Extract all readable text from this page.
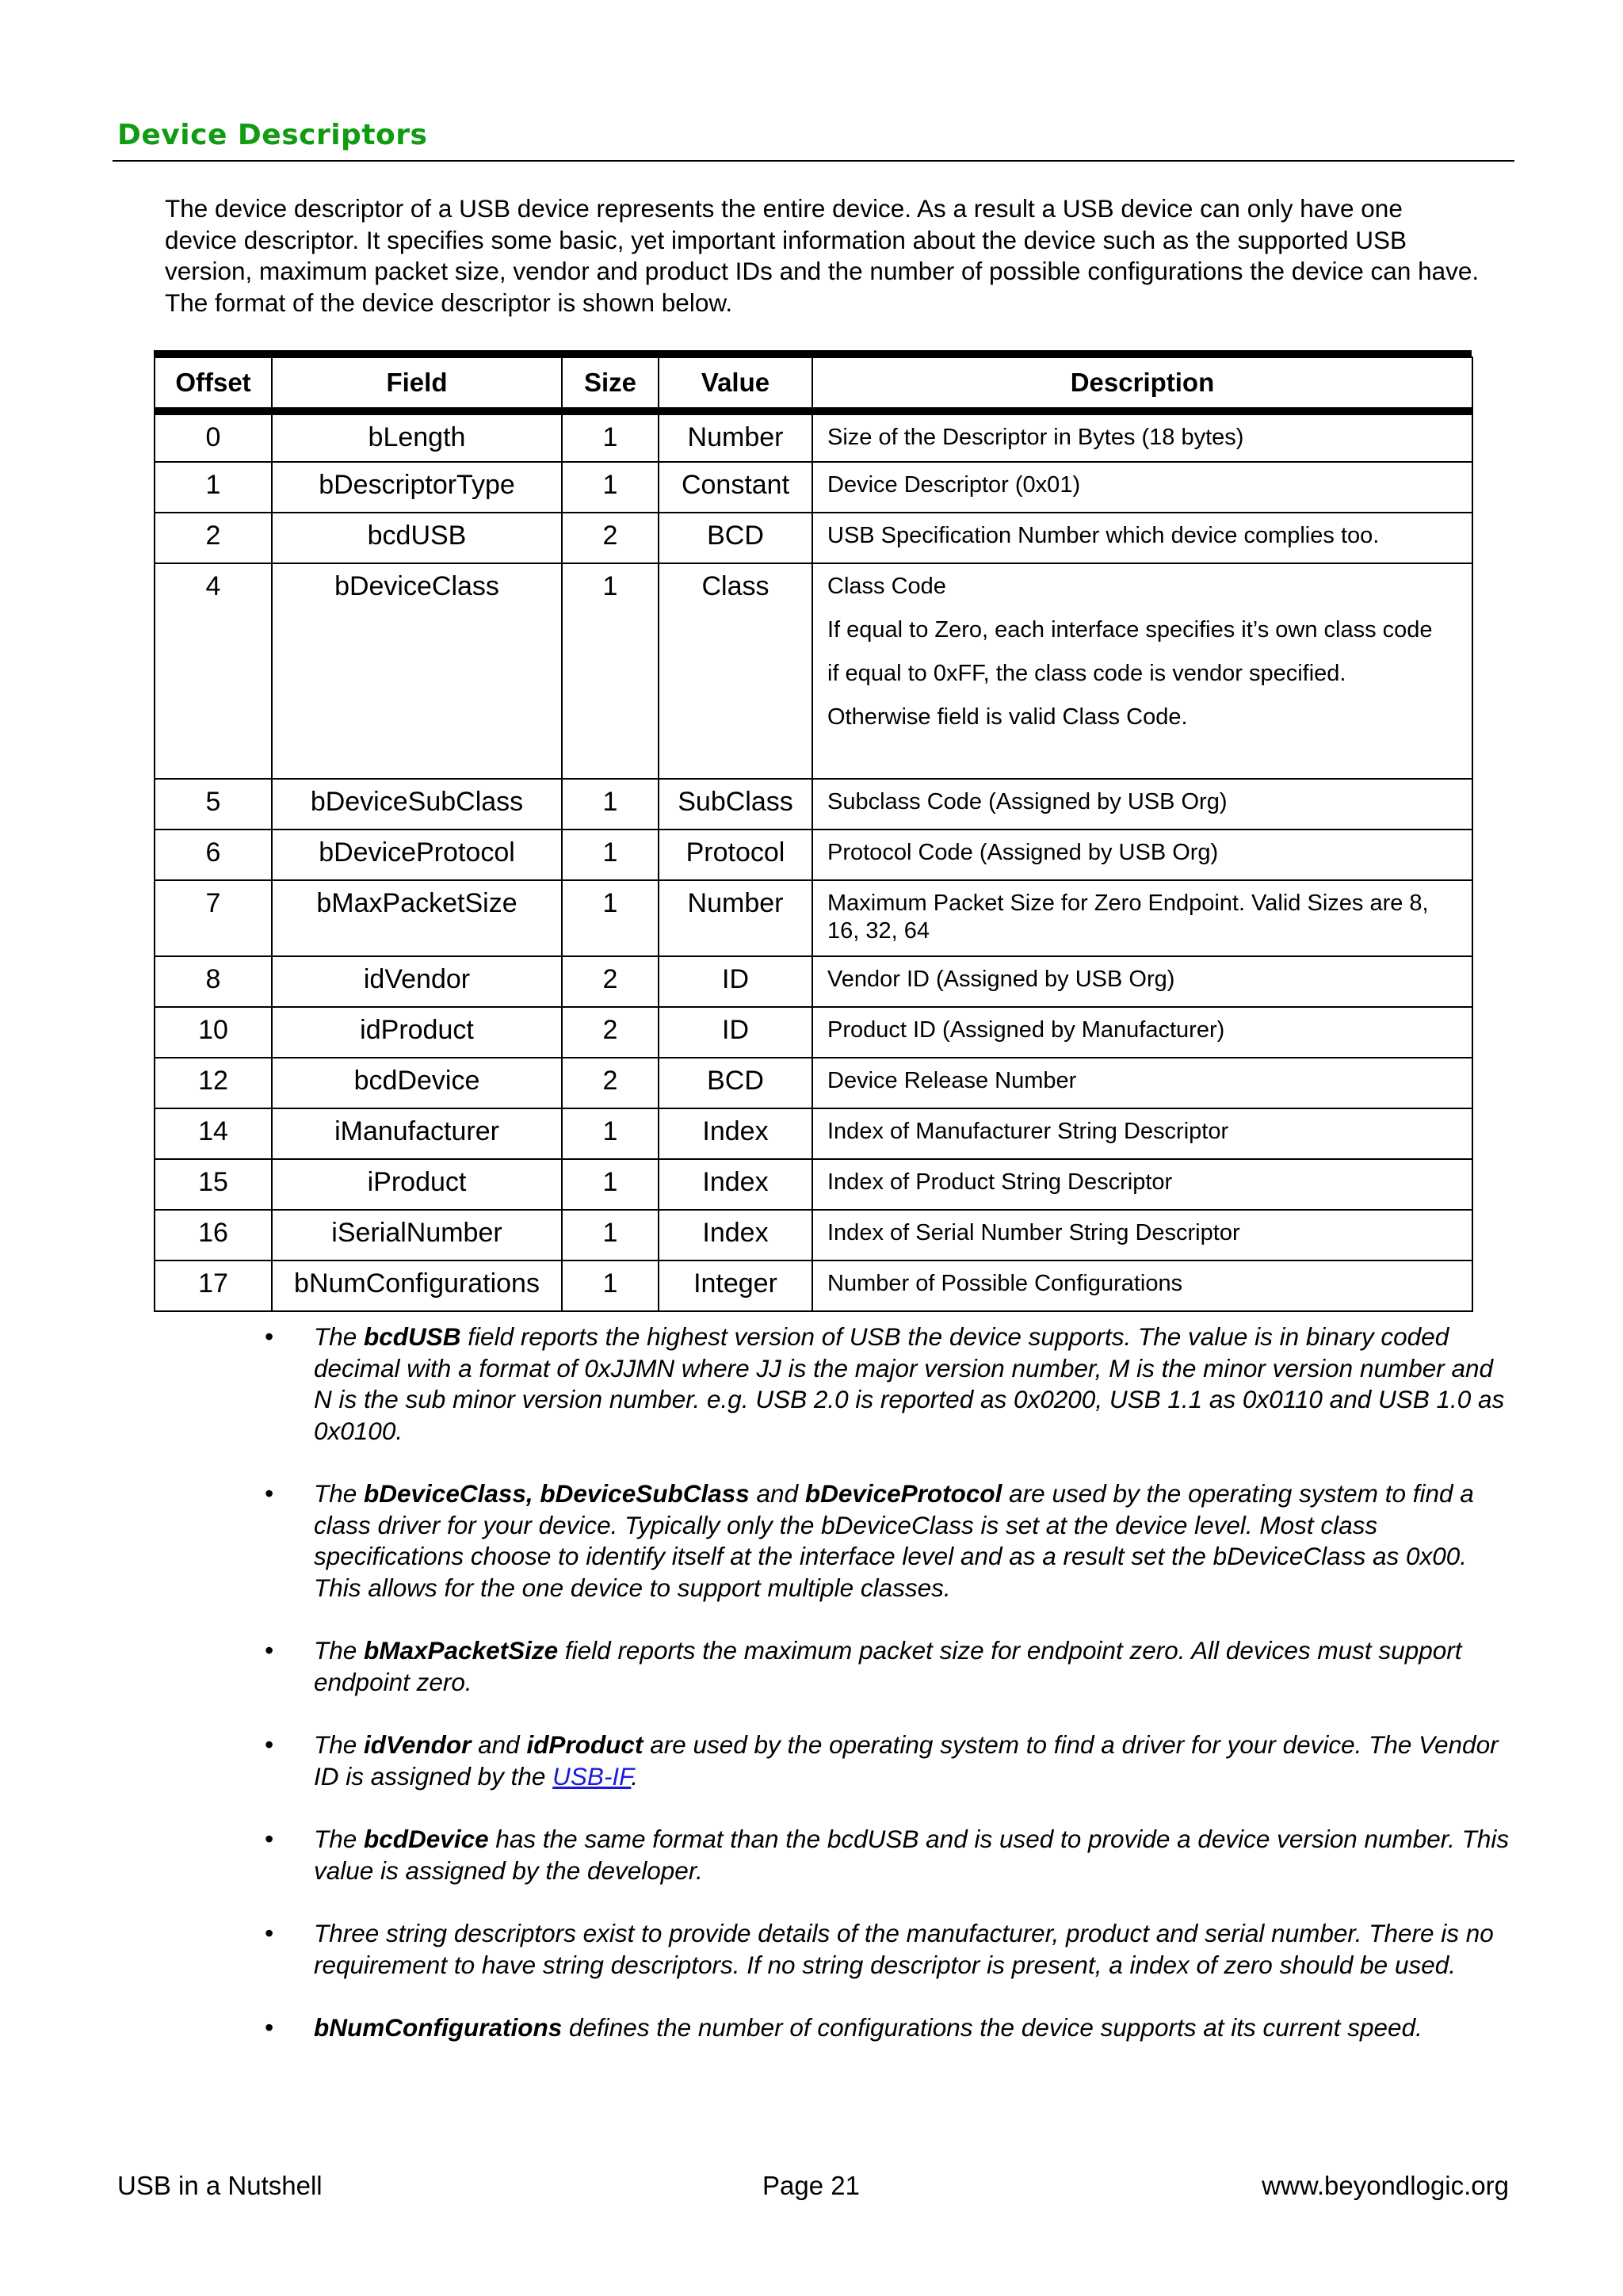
Device Descriptors

The device descriptor of a USB device represents the entire device. As a result a USB device can only have one device descriptor. It specifies some basic, yet important information about the device such as the supported USB version, maximum packet size, vendor and product IDs and the number of possible configurations the device can have. The format of the device descriptor is shown below.

Offset	Field	Size	Value	Description
0	bLength	1	Number	Size of the Descriptor in Bytes (18 bytes)

1	bDescriptorType	1	Constant	Device Descriptor (0x01)

2	bcdUSB	2	BCD	USB Specification Number which device complies too.

4	bDeviceClass	1	Class	Class Code

If equal to Zero, each interface specifies it’s own class code

if equal to 0xFF, the class code is vendor specified.

Otherwise field is valid Class Code.

5	bDeviceSubClass	1	SubClass	Subclass Code (Assigned by USB Org)

6	bDeviceProtocol	1	Protocol	Protocol Code (Assigned by USB Org)

7	bMaxPacketSize	1	Number	Maximum Packet Size for Zero Endpoint. Valid Sizes are 8, 16, 32, 64

8	idVendor	2	ID	Vendor ID (Assigned by USB Org)

10	idProduct	2	ID	Product ID (Assigned by Manufacturer)

12	bcdDevice	2	BCD	Device Release Number

14	iManufacturer	1	Index	Index of Manufacturer String Descriptor

15	iProduct	1	Index	Index of Product String Descriptor

16	iSerialNumber	1	Index	Index of Serial Number String Descriptor

17	bNumConfigurations	1	Integer	Number of Possible Configurations

• The bcdUSB field reports the highest version of USB the device supports. The value is in binary coded decimal with a format of 0xJJMN where JJ is the major version number, M is the minor version number and N is the sub minor version number. e.g. USB 2.0 is reported as 0x0200, USB 1.1 as 0x0110 and USB 1.0 as 0x0100.
• The bDeviceClass, bDeviceSubClass and bDeviceProtocol are used by the operating system to find a class driver for your device. Typically only the bDeviceClass is set at the device level. Most class specifications choose to identify itself at the interface level and as a result set the bDeviceClass as 0x00. This allows for the one device to support multiple classes.
• The bMaxPacketSize field reports the maximum packet size for endpoint zero. All devices must support endpoint zero.
• The idVendor and idProduct are used by the operating system to find a driver for your device. The Vendor ID is assigned by the USB-IF.
• The bcdDevice has the same format than the bcdUSB and is used to provide a device version number. This value is assigned by the developer.
• Three string descriptors exist to provide details of the manufacturer, product and serial number. There is no requirement to have string descriptors. If no string descriptor is present, a index of zero should be used.
• bNumConfigurations defines the number of configurations the device supports at its current speed.
USB in a Nutshell	Page 21	www.beyondlogic.org
